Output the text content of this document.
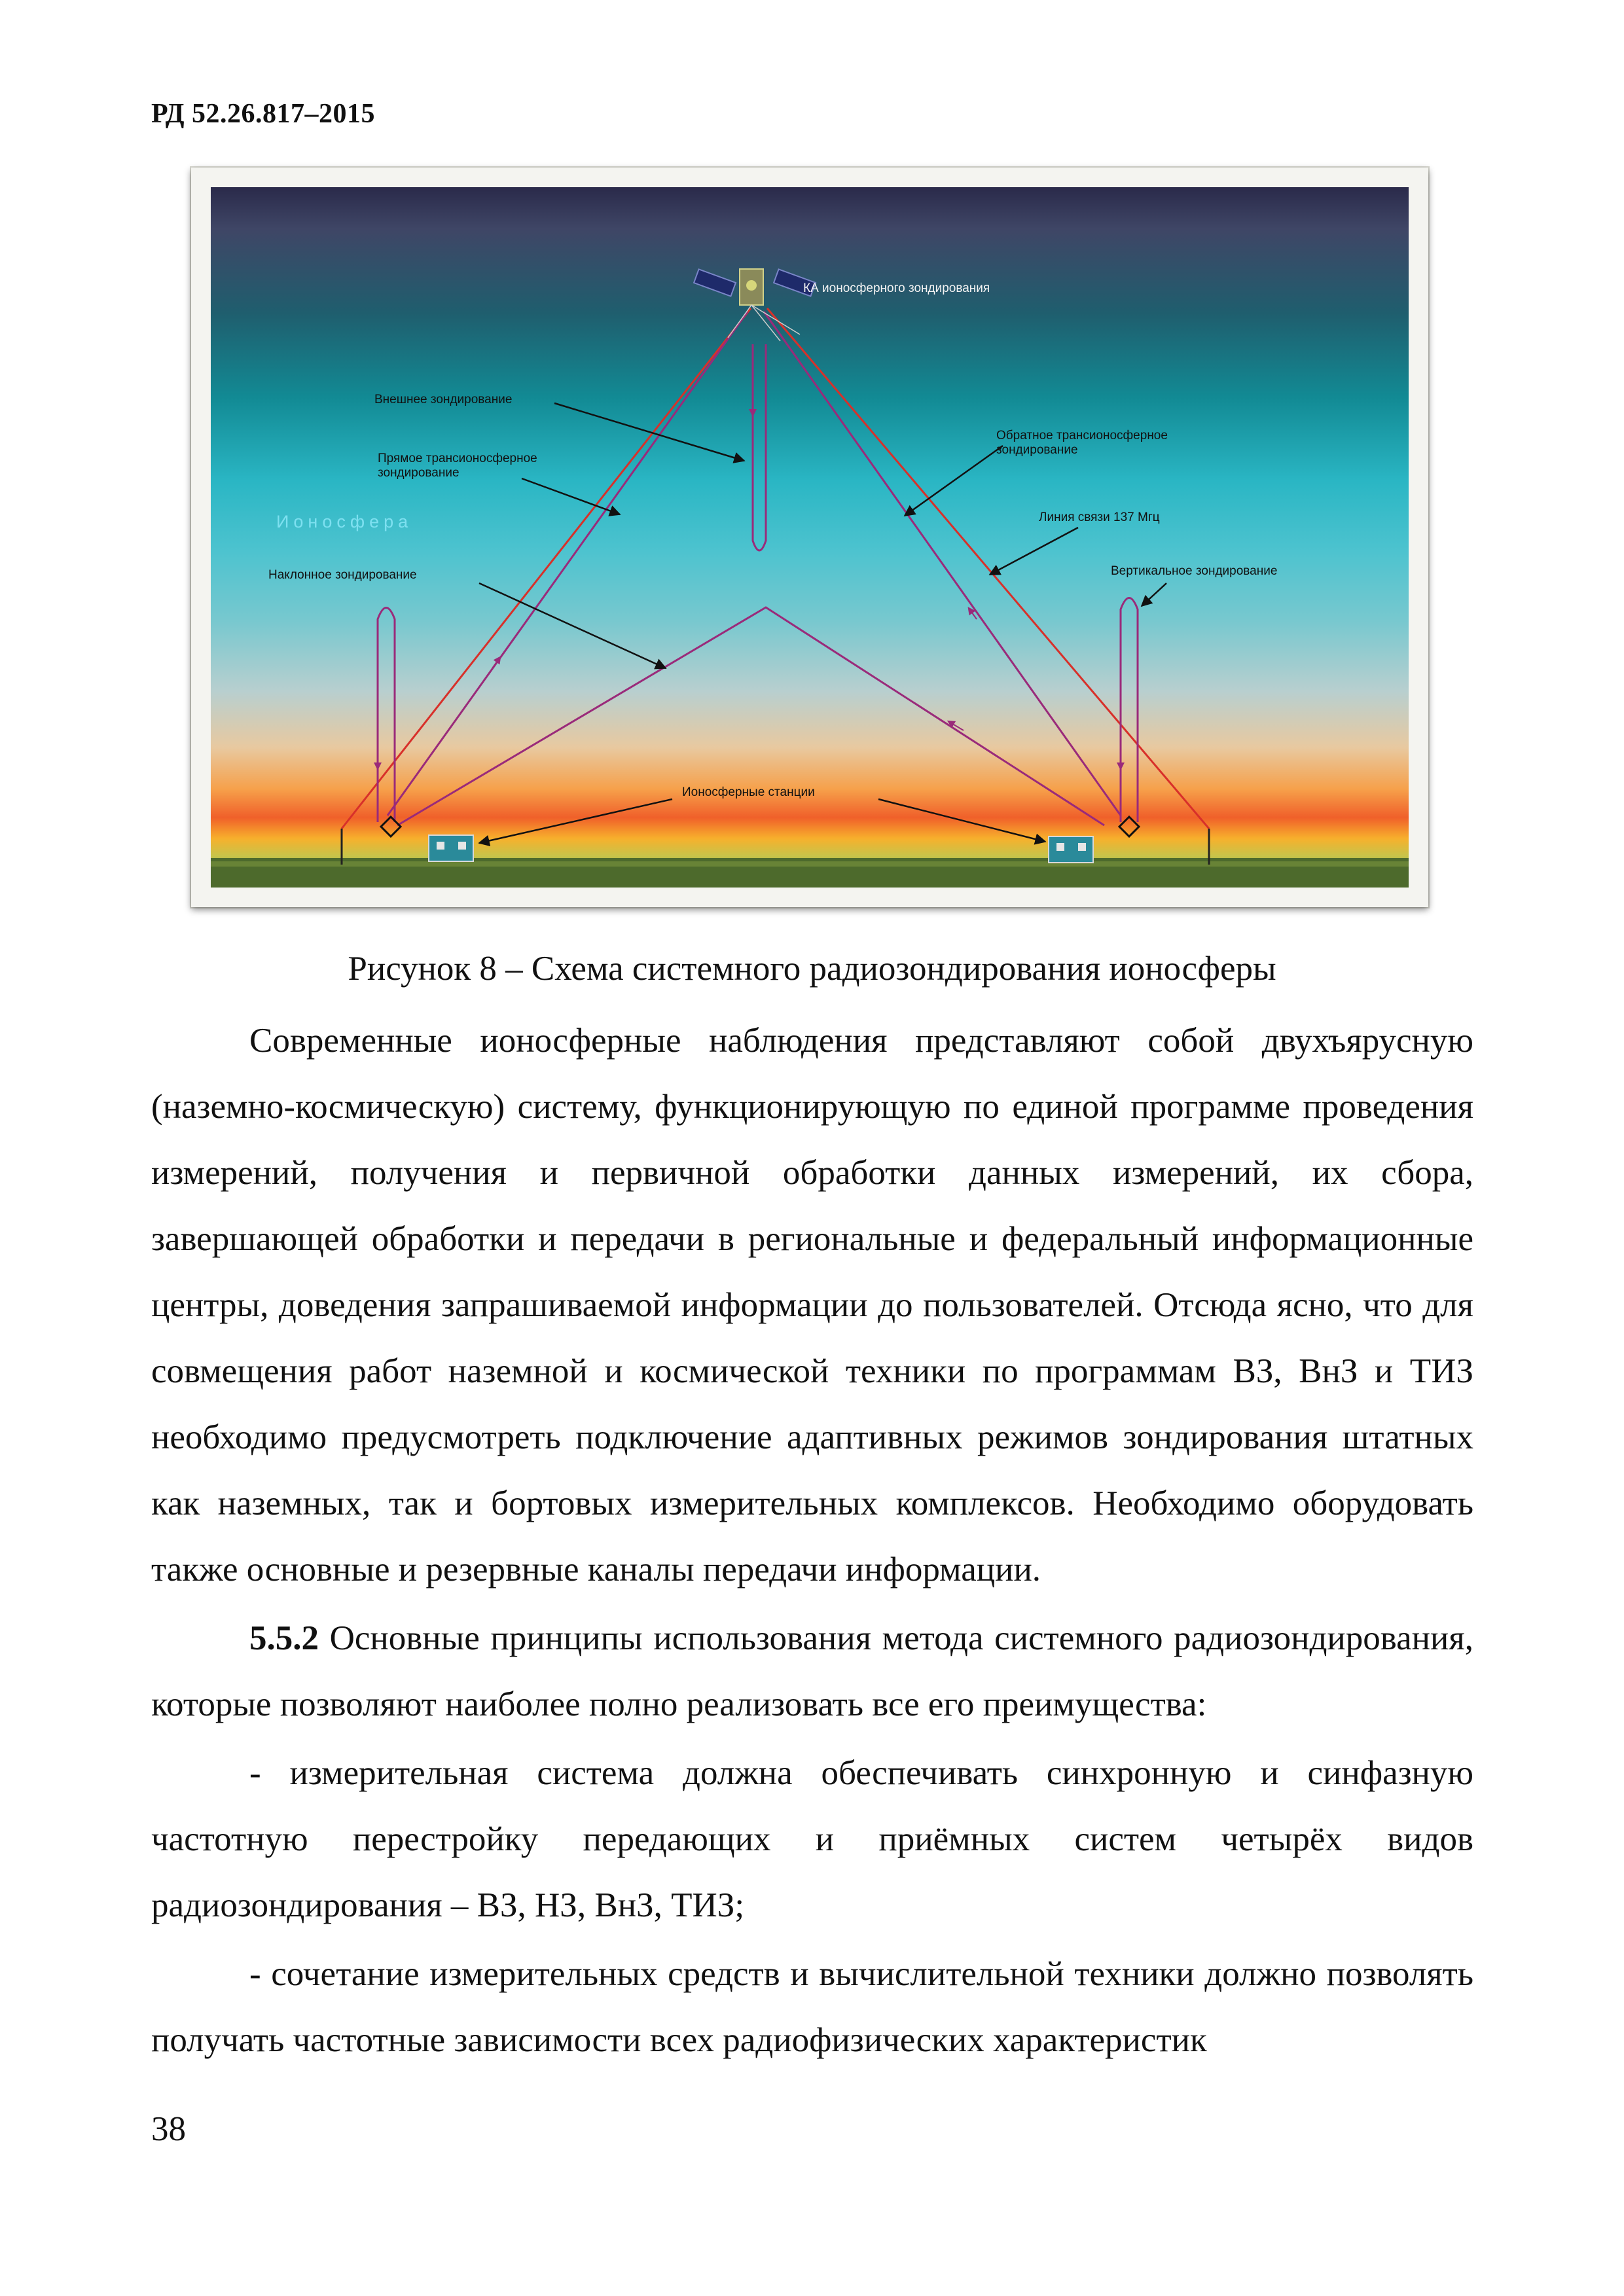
РД 52.26.817–2015
КА ионосферного зондирования
Внешнее зондирование
Прямое трансионосферное
зондирование
Обратное трансионосферное
зондирование
Ионосфера	Линия связи 137 Мгц
Наклонное зондирование	Вертикальное зондирование
Ионосферные станции
Рисунок 8 – Схема системного радиозондирования ионосферы

Современные ионосферные наблюдения представляют собой двухъярусную (наземно-космическую) систему, функционирующую по единой программе проведения измерений, получения и первичной обработки данных измерений, их сбора, завершающей обработки и передачи в региональные и федеральный информационные центры, доведения запрашиваемой информации до пользователей. Отсюда ясно, что для совмещения работ наземной и космической техники по программам ВЗ, ВнЗ и ТИЗ необходимо предусмотреть подключение адаптивных режимов зондирования штатных как наземных, так и бортовых измерительных комплексов. Необходимо оборудовать также основные и резервные каналы передачи информации.

5.5.2 Основные принципы использования метода системного радиозондирования, которые позволяют наиболее полно реализовать все его преимущества:

- измерительная система должна обеспечивать синхронную и синфазную частотную перестройку передающих и приёмных систем четырёх видов радиозондирования – ВЗ, НЗ, ВнЗ, ТИЗ;

- сочетание измерительных средств и вычислительной техники должно позволять получать частотные зависимости всех радиофизических характеристик

38
